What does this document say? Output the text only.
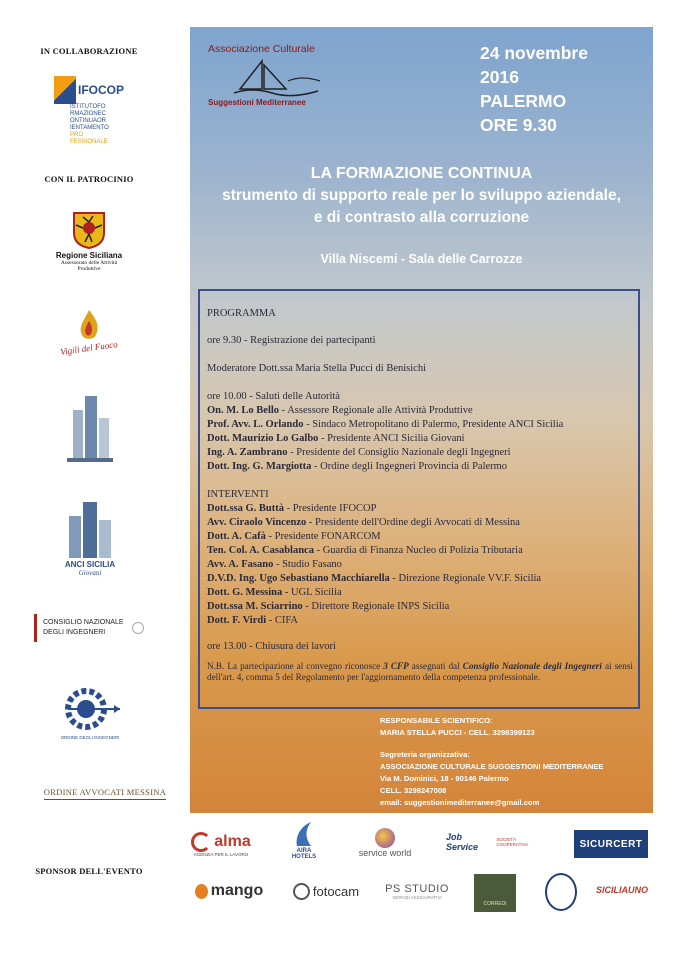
IN COLLABORAZIONE
IFOCOP
ISTITUTOFO
RMAZIONEC
ONTINUAOR
IENTAMENTO
PRO
FESSIONALE
CON IL PATROCINIO
Regione Siciliana
Assessorato delle Attività Produttive
Vigili del Fuoco
ANCI SICILIA
Giovani
CONSIGLIO NAZIONALE
DEGLI INGEGNERI
ORDINE DEGLI INGEGNERI
ORDINE AVVOCATI MESSINA
SPONSOR DELL'EVENTO
Associazione Culturale
Suggestioni Mediterranee
24 novembre
2016
PALERMO
ORE 9.30
LA FORMAZIONE CONTINUA
strumento di supporto reale per lo sviluppo aziendale,
e di contrasto alla corruzione
Villa Niscemi - Sala delle Carrozze
PROGRAMMA
ore 9.30 - Registrazione dei partecipanti
Moderatore Dott.ssa Maria Stella Pucci di Benisichi
ore 10.00 - Saluti delle Autorità
On. M. Lo Bello - Assessore Regionale alle Attività Produttive
Prof. Avv. L. Orlando - Sindaco Metropolitano di Palermo, Presidente ANCI Sicilia
Dott. Maurizio Lo Galbo - Presidente ANCI Sicilia Giovani
Ing. A. Zambrano - Presidente del Consiglio Nazionale degli Ingegneri
Dott. Ing. G. Margiotta - Ordine degli Ingegneri Provincia di Palermo
INTERVENTI
Dott.ssa G. Buttà - Presidente IFOCOP
Avv. Ciraolo Vincenzo - Presidente dell'Ordine degli Avvocati di Messina
Dott. A. Cafà - Presidente FONARCOM
Ten. Col. A. Casablanca - Guardia di Finanza Nucleo di Polizia Tributaria
Avv. A. Fasano - Studio Fasano
D.V.D. Ing. Ugo Sebastiano Macchiarella - Direzione Regionale VV.F. Sicilia
Dott. G. Messina - UGL Sicilia
Dott.ssa M. Sciarrino - Direttore Regionale INPS Sicilia
Dott. F. Virdi - CIFA
ore 13.00 - Chiusura dei lavori
N.B. La partecipazione al convegno riconosce 3 CFP assegnati dal Consiglio Nazionale degli Ingegneri ai sensi dell'art. 4, comma 5 del Regolamento per l'aggiornamento della competenza professionale.
RESPONSABILE SCIENTIFICO:
MARIA STELLA PUCCI - CELL. 3298399123
Segreteria organizzativa:
ASSOCIAZIONE CULTURALE SUGGESTIONI MEDITERRANEE
Via M. Dominici, 18 - 90146 Palermo
CELL. 3298247008
email: suggestionimediterranee@gmail.com
alma
AGENZIA PER IL LAVORO	AIRA HOTELS	service world
Job Service
SOCIETÀ COOPERATIVA	SICURCERT
mango	fotocam PS STUDIO
SERVIZI ASSICURATIVI
CORREDI
SICILIAUNO
